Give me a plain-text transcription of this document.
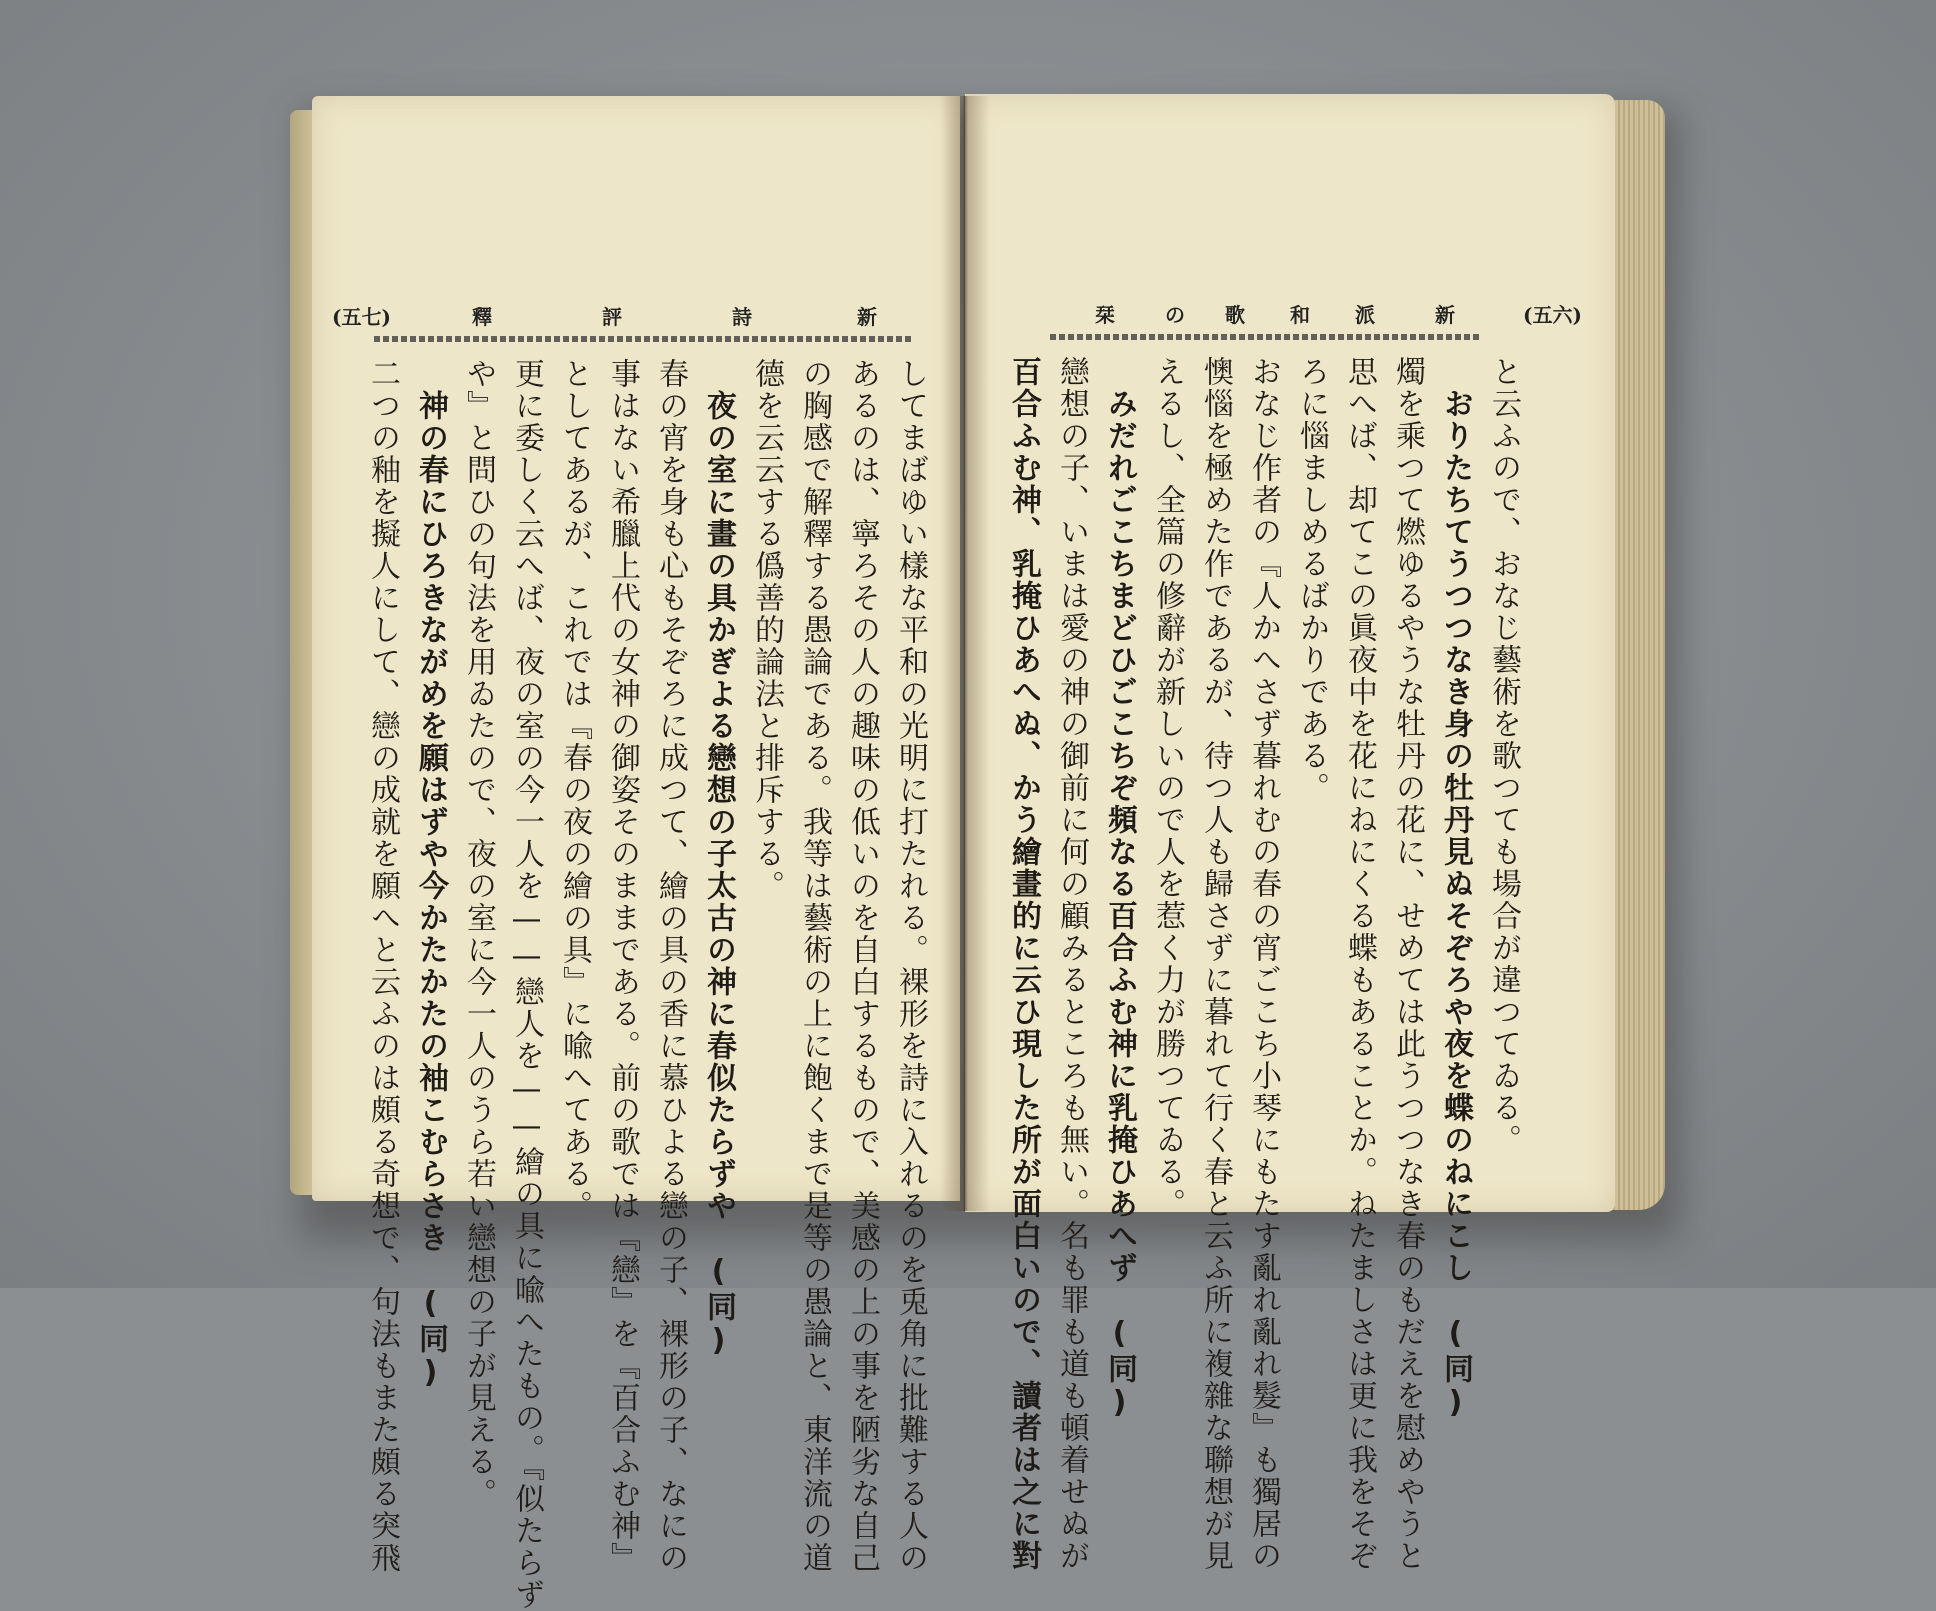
(五七)	釋	評	詩	新
してまばゆい樣な平和の光明に打たれる。裸形を詩に入れるのを兎角に批難する人の
あるのは、寧ろその人の趣味の低いのを自白するもので、美感の上の事を陋劣な自己
の胸感で解釋する愚論である。我等は藝術の上に飽くまで是等の愚論と、東洋流の道
德を云云する僞善的論法と排斥する。
　夜の室に畫の具かぎよる戀想の子太古の神に春似たらずや　(同)
春の宵を身も心もそぞろに成つて、繪の具の香に慕ひよる戀の子、裸形の子、なにの
事はない希臘上代の女神の御姿そのままである。前の歌では『戀』を『百合ふむ神』
としてあるが、これでは『春の夜の繪の具』に喩へてある。
更に委しく云へば、夜の室の今一人を——戀人を——繪の具に喩へたもの。『似たらず
や』と問ひの句法を用ゐたので、夜の室に今一人のうら若い戀想の子が見える。
　神の春にひろきながめを願はずや今かたかたの袖こむらさき　(同)
二つの釉を擬人にして、戀の成就を願へと云ふのは頗る奇想で、句法もまた頗る突飛
栞	の 歌 和 派	新	(五六)
と云ふので、おなじ藝術を歌つても場合が違つてゐる。
　おりたちてうつつなき身の牡丹見ぬそぞろや夜を蝶のねにこし　(同)
燭を乘つて燃ゆるやうな牡丹の花に、せめては此うつつなき春のもだえを慰めやうと
思へば、却てこの眞夜中を花にねにくる蝶もあることか。ねたましさは更に我をそぞ
ろに惱ましめるばかりである。
おなじ作者の『人かへさず暮れむの春の宵ごこち小琴にもたす亂れ亂れ髮』も獨居の
懊惱を極めた作であるが、待つ人も歸さずに暮れて行く春と云ふ所に複雜な聯想が見
えるし、全篇の修辭が新しいので人を惹く力が勝つてゐる。
　みだれごこちまどひごこちぞ頻なる百合ふむ神に乳掩ひあへず　(同)
戀想の子、いまは愛の神の御前に何の顧みるところも無い。名も罪も道も頓着せぬが
百合ふむ神、乳掩ひあへぬ、かう繪畫的に云ひ現した所が面白いので、讀者は之に對
